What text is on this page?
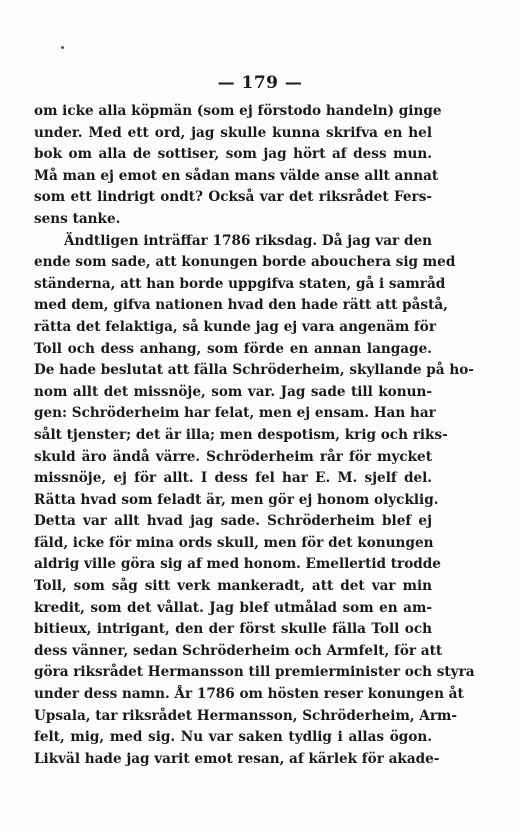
— 179 —

om icke alla köpmän (som ej förstodo handeln) ginge
under. Med ett ord, jag skulle kunna skrifva en hel
bok om alla de sottiser, som jag hört af dess mun.
Må man ej emot en sådan mans välde anse allt annat
som ett lindrigt ondt? Också var det riksrådet Fers-
sens tanke.
Ändtligen inträffar 1786 riksdag. Då jag var den
ende som sade, att konungen borde abouchera sig med
ständerna, att han borde uppgifva staten, gå i samråd
med dem, gifva nationen hvad den hade rätt att påstå,
rätta det felaktiga, så kunde jag ej vara angenäm för
Toll och dess anhang, som förde en annan langage.
De hade beslutat att fälla Schröderheim, skyllande på ho-
nom allt det missnöje, som var. Jag sade till konun-
gen: Schröderheim har felat, men ej ensam. Han har
sålt tjenster; det är illa; men despotism, krig och riks-
skuld äro ändå värre. Schröderheim rår för mycket
missnöje, ej för allt. I dess fel har E. M. sjelf del.
Rätta hvad som feladt är, men gör ej honom olycklig.
Detta var allt hvad jag sade. Schröderheim blef ej
fäld, icke för mina ords skull, men för det konungen
aldrig ville göra sig af med honom. Emellertid trodde
Toll, som såg sitt verk mankeradt, att det var min
kredit, som det vållat. Jag blef utmålad som en am-
bitieux, intrigant, den der först skulle fälla Toll och
dess vänner, sedan Schröderheim och Armfelt, för att
göra riksrådet Hermansson till premierminister och styra
under dess namn. År 1786 om hösten reser konungen åt
Upsala, tar riksrådet Hermansson, Schröderheim, Arm-
felt, mig, med sig. Nu var saken tydlig i allas ögon.
Likväl hade jag varit emot resan, af kärlek för akade-
